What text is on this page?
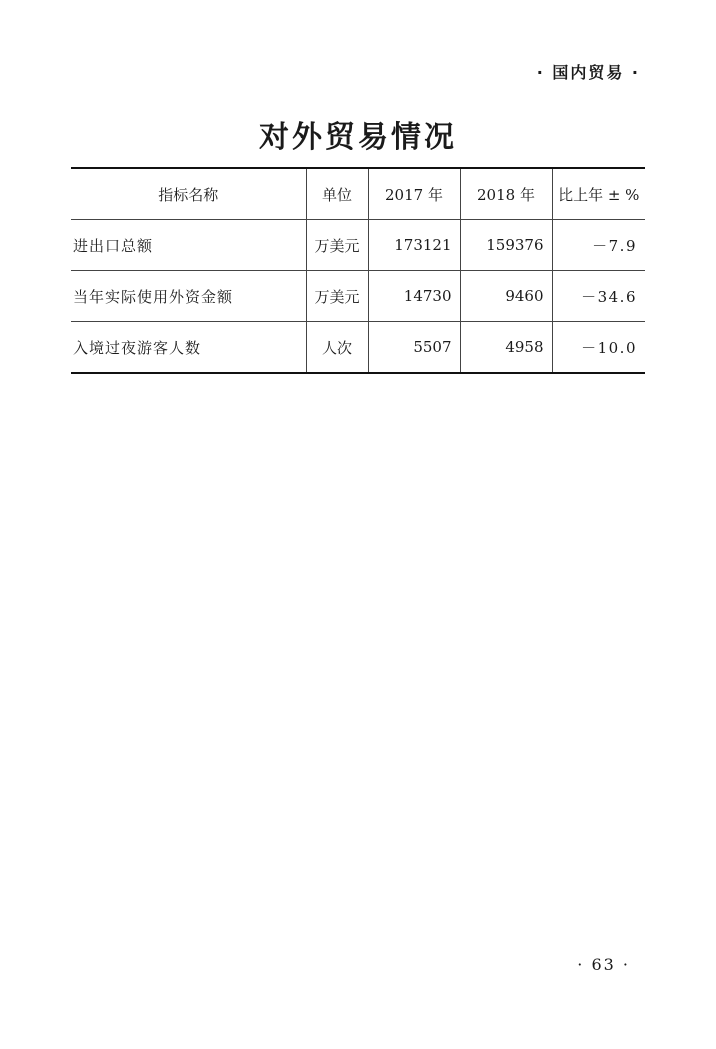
· 国内贸易 ·
对外贸易情况
指标名称	单位	2017 年	2018 年	比上年 ± %
进出口总额	万美元	173121	159376	－7.9
当年实际使用外资金额	万美元	14730	9460	－34.6
入境过夜游客人数	人次	5507	4958	－10.0
· 63 ·
